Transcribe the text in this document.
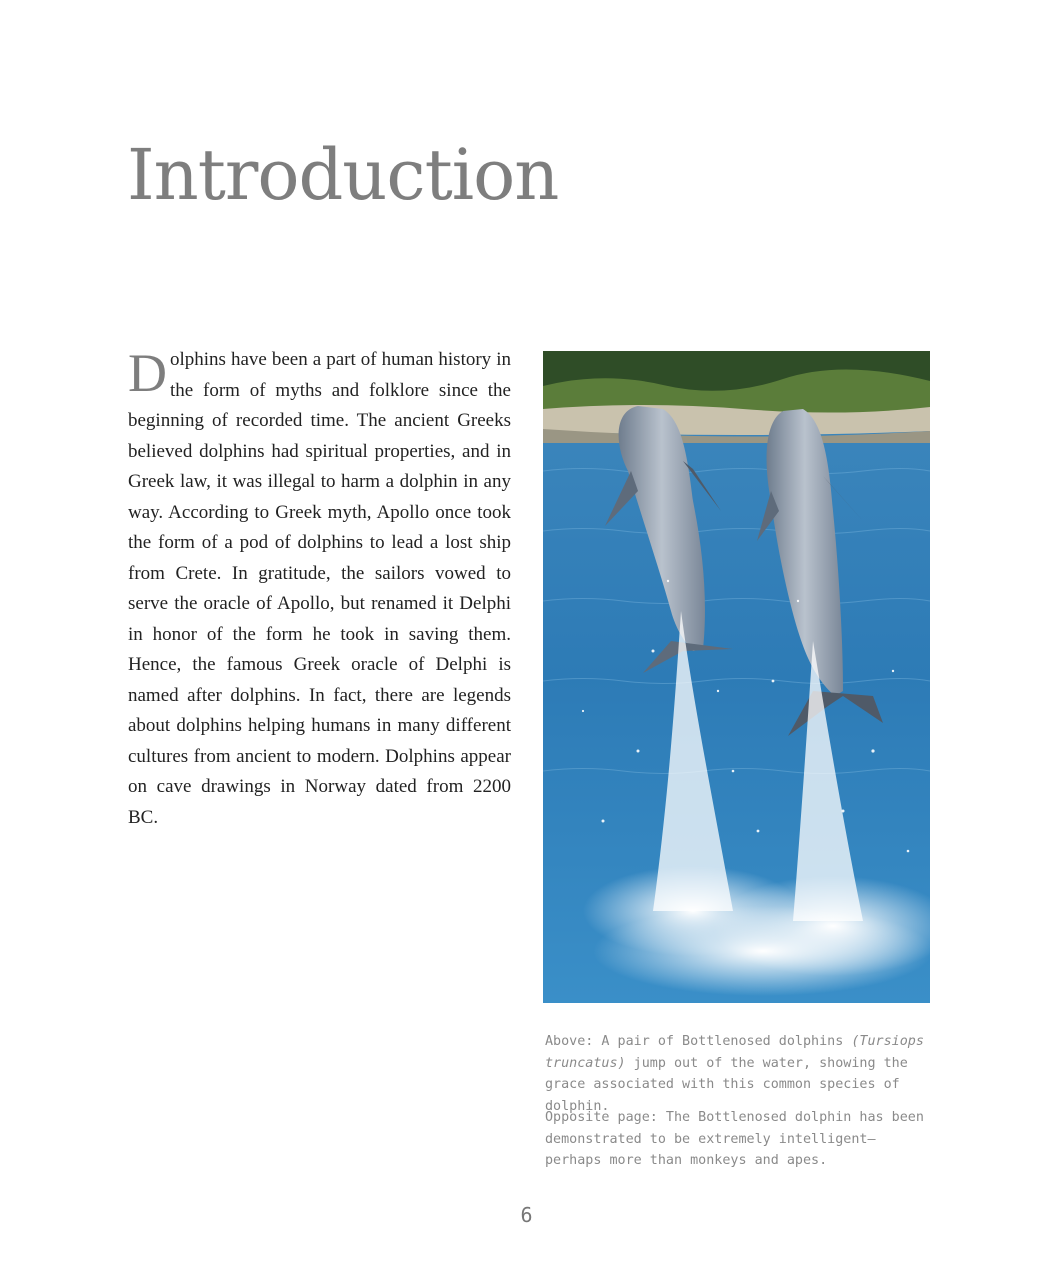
Introduction

Dolphins have been a part of human history in the form of myths and folklore since the beginning of recorded time. The ancient Greeks believed dolphins had spiritual properties, and in Greek law, it was illegal to harm a dolphin in any way. According to Greek myth, Apollo once took the form of a pod of dolphins to lead a lost ship from Crete. In gratitude, the sailors vowed to serve the oracle of Apollo, but renamed it Delphi in honor of the form he took in saving them. Hence, the famous Greek oracle of Delphi is named after dolphins. In fact, there are legends about dolphins helping humans in many different cultures from ancient to modern. Dolphins appear on cave drawings in Norway dated from 2200 BC.

Above: A pair of Bottlenosed dolphins (Tursiops truncatus) jump out of the water, showing the grace associated with this common species of dolphin.

Opposite page: The Bottlenosed dolphin has been demonstrated to be extremely intelligent—perhaps more than monkeys and apes.

6
